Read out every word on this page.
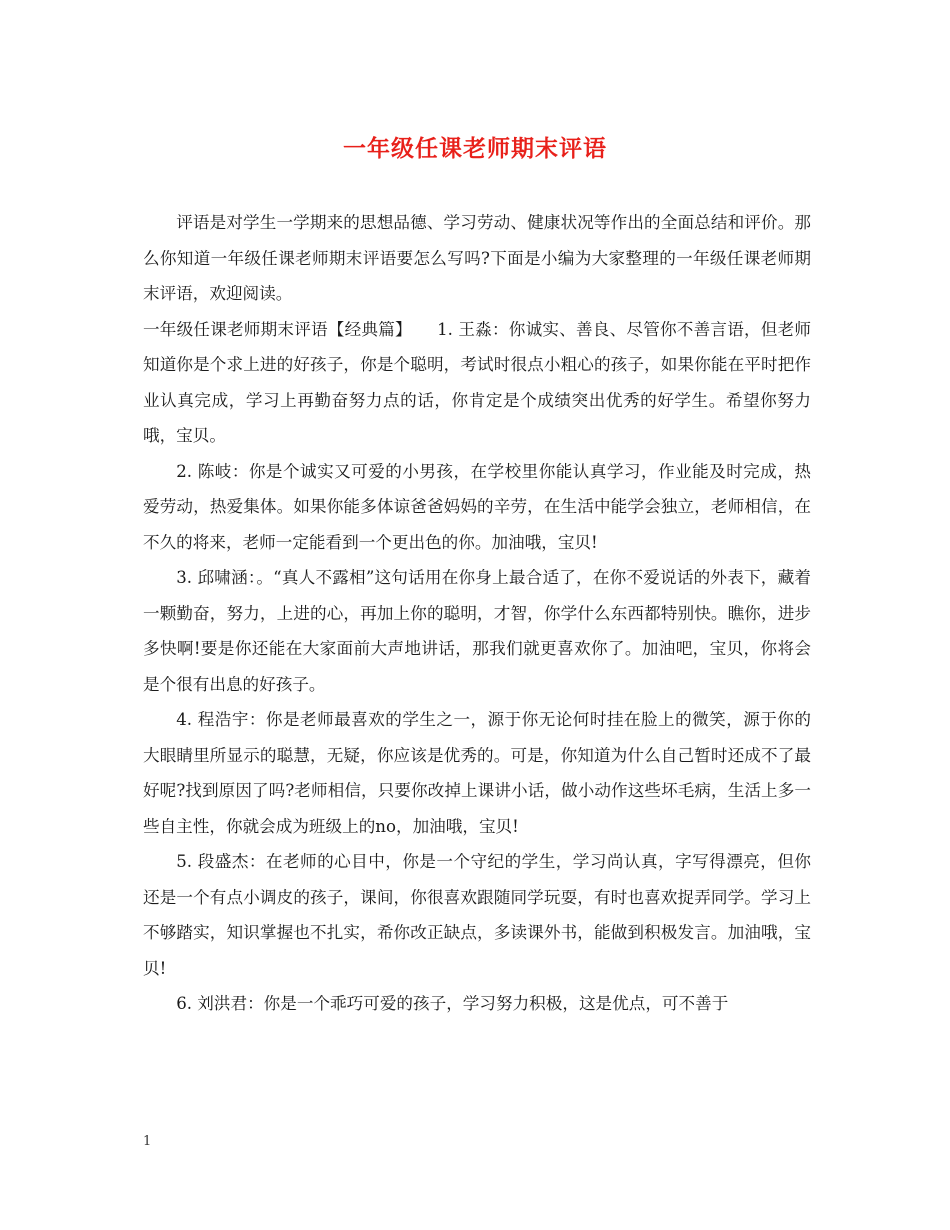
一年级任课老师期末评语

评语是对学生一学期来的思想品德、学习劳动、健康状况等作出的全面总结和评价。那么你知道一年级任课老师期末评语要怎么写吗?下面是小编为大家整理的一年级任课老师期末评语，欢迎阅读。

一年级任课老师期末评语【经典篇】　　1. 王淼：你诚实、善良、尽管你不善言语，但老师知道你是个求上进的好孩子，你是个聪明，考试时很点小粗心的孩子，如果你能在平时把作业认真完成，学习上再勤奋努力点的话，你肯定是个成绩突出优秀的好学生。希望你努力哦，宝贝。

2. 陈岐：你是个诚实又可爱的小男孩，在学校里你能认真学习，作业能及时完成，热爱劳动，热爱集体。如果你能多体谅爸爸妈妈的辛劳，在生活中能学会独立，老师相信，在不久的将来，老师一定能看到一个更出色的你。加油哦，宝贝!

3. 邱啸涵：。“真人不露相”这句话用在你身上最合适了，在你不爱说话的外表下，藏着一颗勤奋，努力，上进的心，再加上你的聪明，才智，你学什么东西都特别快。瞧你，进步多快啊!要是你还能在大家面前大声地讲话，那我们就更喜欢你了。加油吧，宝贝，你将会是个很有出息的好孩子。

4. 程浩宇：你是老师最喜欢的学生之一，源于你无论何时挂在脸上的微笑，源于你的大眼睛里所显示的聪慧，无疑，你应该是优秀的。可是，你知道为什么自己暂时还成不了最好呢?找到原因了吗?老师相信，只要你改掉上课讲小话，做小动作这些坏毛病，生活上多一些自主性，你就会成为班级上的no，加油哦，宝贝!

5. 段盛杰：在老师的心目中，你是一个守纪的学生，学习尚认真，字写得漂亮，但你还是一个有点小调皮的孩子，课间，你很喜欢跟随同学玩耍，有时也喜欢捉弄同学。学习上不够踏实，知识掌握也不扎实，希你改正缺点，多读课外书，能做到积极发言。加油哦，宝贝!

6. 刘洪君：你是一个乖巧可爱的孩子，学习努力积极，这是优点，可不善于

1
